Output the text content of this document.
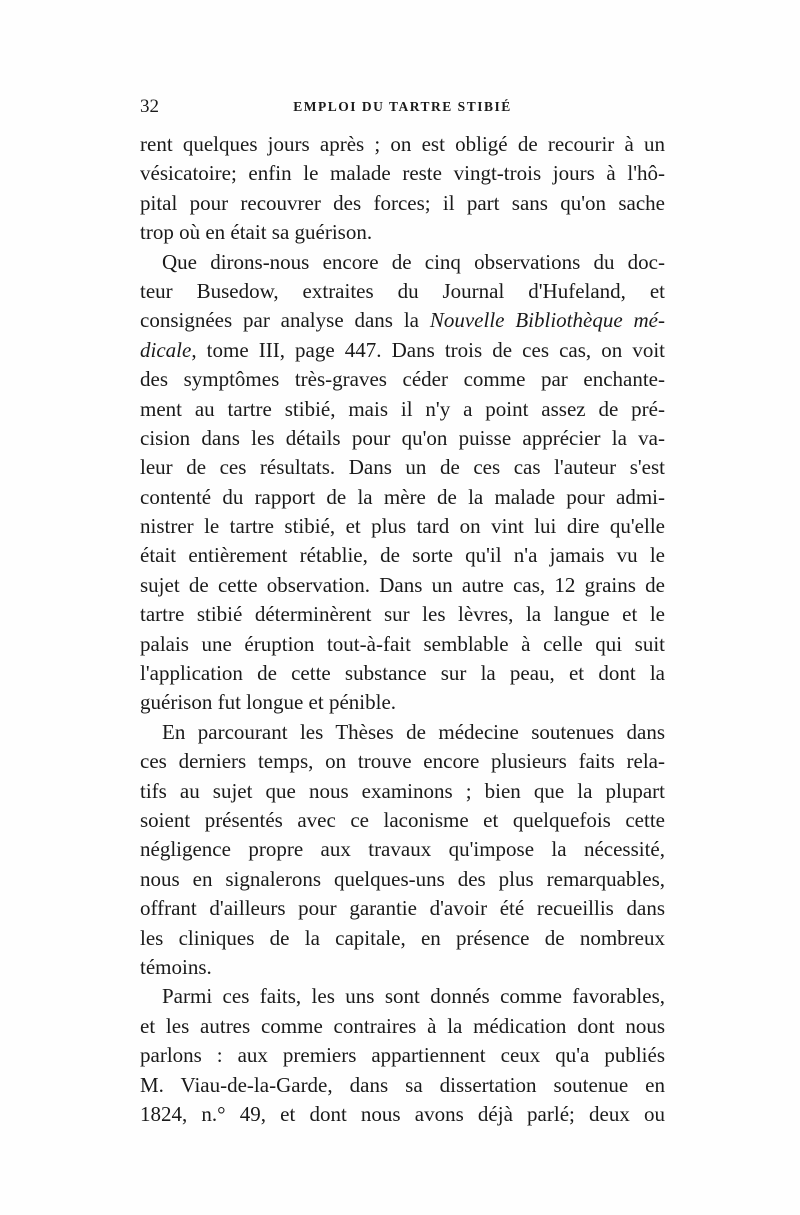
32	EMPLOI DU TARTRE STIBIÉ
rent quelques jours après ; on est obligé de recourir à un
vésicatoire; enfin le malade reste vingt-trois jours à l'hô-
pital pour recouvrer des forces; il part sans qu'on sache
trop où en était sa guérison.
Que dirons-nous encore de cinq observations du doc-
teur Busedow, extraites du Journal d'Hufeland, et
consignées par analyse dans la Nouvelle Bibliothèque mé-
dicale, tome III, page 447. Dans trois de ces cas, on voit
des symptômes très-graves céder comme par enchante-
ment au tartre stibié, mais il n'y a point assez de pré-
cision dans les détails pour qu'on puisse apprécier la va-
leur de ces résultats. Dans un de ces cas l'auteur s'est
contenté du rapport de la mère de la malade pour admi-
nistrer le tartre stibié, et plus tard on vint lui dire qu'elle
était entièrement rétablie, de sorte qu'il n'a jamais vu le
sujet de cette observation. Dans un autre cas, 12 grains de
tartre stibié déterminèrent sur les lèvres, la langue et le
palais une éruption tout-à-fait semblable à celle qui suit
l'application de cette substance sur la peau, et dont la
guérison fut longue et pénible.
En parcourant les Thèses de médecine soutenues dans
ces derniers temps, on trouve encore plusieurs faits rela-
tifs au sujet que nous examinons ; bien que la plupart
soient présentés avec ce laconisme et quelquefois cette
négligence propre aux travaux qu'impose la nécessité,
nous en signalerons quelques-uns des plus remarquables,
offrant d'ailleurs pour garantie d'avoir été recueillis dans
les cliniques de la capitale, en présence de nombreux
témoins.
Parmi ces faits, les uns sont donnés comme favorables,
et les autres comme contraires à la médication dont nous
parlons : aux premiers appartiennent ceux qu'a publiés
M. Viau-de-la-Garde, dans sa dissertation soutenue en
1824, n.° 49, et dont nous avons déjà parlé; deux ou
